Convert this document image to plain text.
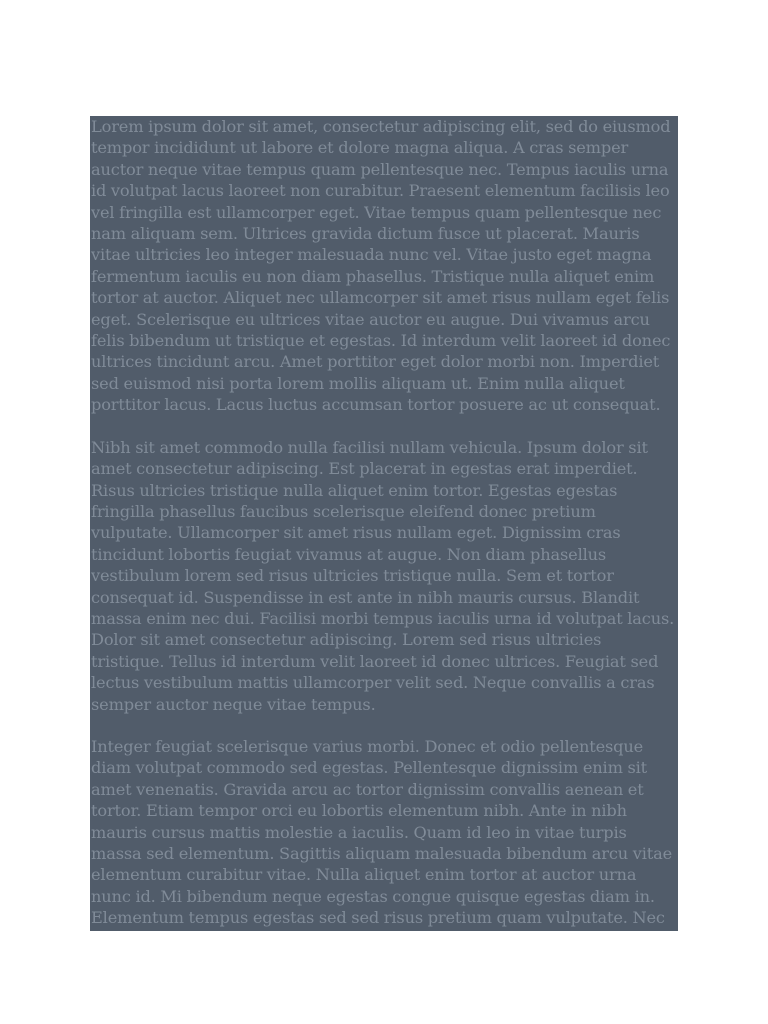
Lorem ipsum dolor sit amet, consectetur adipiscing elit, sed do eiusmod tempor incididunt ut labore et dolore magna aliqua. A cras semper auctor neque vitae tempus quam pellentesque nec. Tempus iaculis urna id volutpat lacus laoreet non curabitur. Praesent elementum facilisis leo vel fringilla est ullamcorper eget. Vitae tempus quam pellentesque nec nam aliquam sem. Ultrices gravida dictum fusce ut placerat. Mauris vitae ultricies leo integer malesuada nunc vel. Vitae justo eget magna fermentum iaculis eu non diam phasellus. Tristique nulla aliquet enim tortor at auctor. Aliquet nec ullamcorper sit amet risus nullam eget felis eget. Scelerisque eu ultrices vitae auctor eu augue. Dui vivamus arcu felis bibendum ut tristique et egestas. Id interdum velit laoreet id donec ultrices tincidunt arcu. Amet porttitor eget dolor morbi non. Imperdiet sed euismod nisi porta lorem mollis aliquam ut. Enim nulla aliquet porttitor lacus. Lacus luctus accumsan tortor posuere ac ut consequat.

Nibh sit amet commodo nulla facilisi nullam vehicula. Ipsum dolor sit amet consectetur adipiscing. Est placerat in egestas erat imperdiet. Risus ultricies tristique nulla aliquet enim tortor. Egestas egestas fringilla phasellus faucibus scelerisque eleifend donec pretium vulputate. Ullamcorper sit amet risus nullam eget. Dignissim cras tincidunt lobortis feugiat vivamus at augue. Non diam phasellus vestibulum lorem sed risus ultricies tristique nulla. Sem et tortor consequat id. Suspendisse in est ante in nibh mauris cursus. Blandit massa enim nec dui. Facilisi morbi tempus iaculis urna id volutpat lacus. Dolor sit amet consectetur adipiscing. Lorem sed risus ultricies tristique. Tellus id interdum velit laoreet id donec ultrices. Feugiat sed lectus vestibulum mattis ullamcorper velit sed. Neque convallis a cras semper auctor neque vitae tempus.

Integer feugiat scelerisque varius morbi. Donec et odio pellentesque diam volutpat commodo sed egestas. Pellentesque dignissim enim sit amet venenatis. Gravida arcu ac tortor dignissim convallis aenean et tortor. Etiam tempor orci eu lobortis elementum nibh. Ante in nibh mauris cursus mattis molestie a iaculis. Quam id leo in vitae turpis massa sed elementum. Sagittis aliquam malesuada bibendum arcu vitae elementum curabitur vitae. Nulla aliquet enim tortor at auctor urna nunc id. Mi bibendum neque egestas congue quisque egestas diam in. Elementum tempus egestas sed sed risus pretium quam vulputate. Nec
